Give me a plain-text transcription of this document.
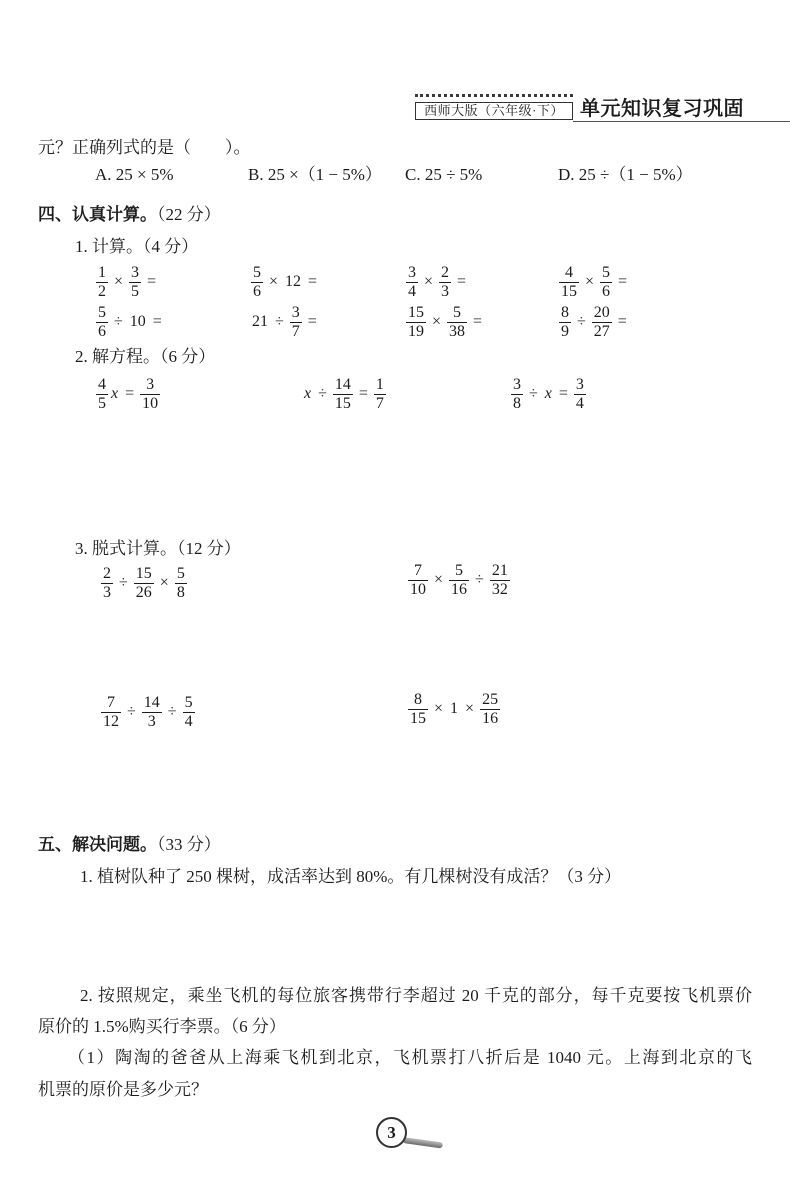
西师大版（六年级·下） 单元知识复习巩固
元？正确列式的是（　　）。
A. 25 × 5%	B. 25 ×（1 − 5%） C. 25 ÷ 5%	D. 25 ÷（1 − 5%）
四、认真计算。（22 分）
1. 计算。（4 分）
$\frac{1}{2} \times \frac{3}{5}$ =	$\frac{5}{6} \times 12$ =	$\frac{3}{4} \times \frac{2}{3}$ =	$\frac{4}{15} \times \frac{5}{6}$ =
$\frac{5}{6} \div 10$ =	$21 \div \frac{3}{7}$ =	$\frac{15}{19} \times \frac{5}{38}$ =	$\frac{8}{9} \div \frac{20}{27}$ =
2. 解方程。（6 分）
$\frac{4}{5}$ $x = \frac{3}{10}$	$x \div \frac{14}{15} = \frac{1}{7}$	$\frac{3}{8} \div x = \frac{3}{4}$
3. 脱式计算。（12 分）
$\frac{2}{3} \div \frac{15}{26} \times \frac{5}{8}$	$\frac{7}{10} \times \frac{5}{16} \div \frac{21}{32}$
$\frac{7}{12} \div \frac{14}{3} \div \frac{5}{4}$	$\frac{8}{15} \times 1 \times \frac{25}{16}$
五、解决问题。（33 分）
1. 植树队种了 250 棵树，成活率达到 80%。有几棵树没有成活？（3 分）
2. 按照规定，乘坐飞机的每位旅客携带行李超过 20 千克的部分，每千克要按飞机票价
原价的 1.5%购买行李票。（6 分）
（1）陶淘的爸爸从上海乘飞机到北京，飞机票打八折后是 1040 元。上海到北京的飞
机票的原价是多少元？
3
